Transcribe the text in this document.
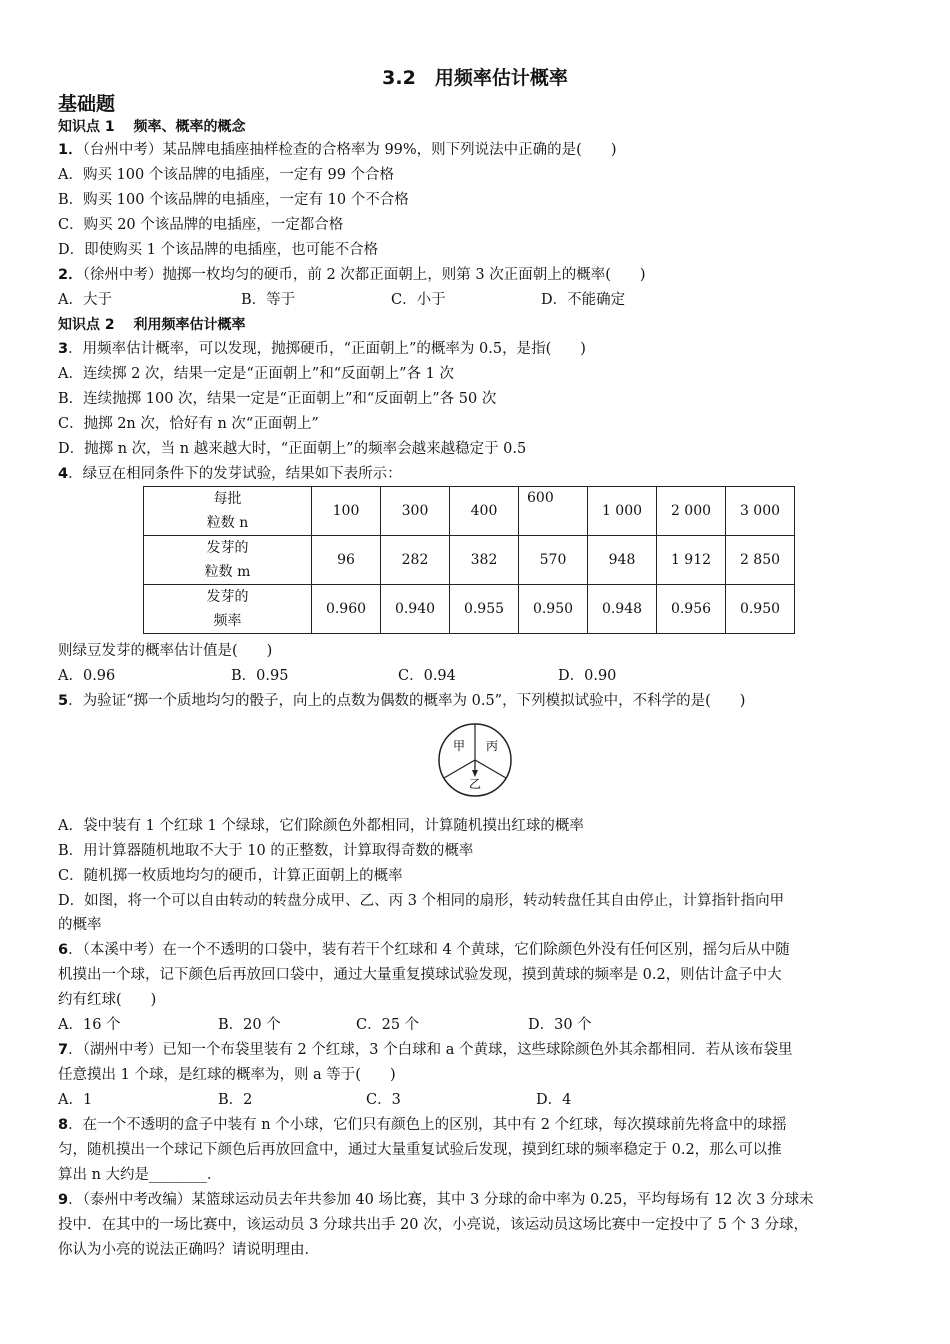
3.2　用频率估计概率
基础题
知识点 1　 频率、概率的概念
1．（台州中考）某品牌电插座抽样检查的合格率为 99%，则下列说法中正确的是(　　)
A．购买 100 个该品牌的电插座，一定有 99 个合格
B．购买 100 个该品牌的电插座，一定有 10 个不合格
C．购买 20 个该品牌的电插座，一定都合格
D．即使购买 1 个该品牌的电插座，也可能不合格
2．（徐州中考）抛掷一枚均匀的硬币，前 2 次都正面朝上，则第 3 次正面朝上的概率(　　)
A．大于	B．等于	C．小于	D．不能确定
知识点 2　 利用频率估计概率
3．用频率估计概率，可以发现，抛掷硬币，“正面朝上”的概率为 0.5，是指(　　)
A．连续掷 2 次，结果一定是“正面朝上”和“反面朝上”各 1 次
B．连续抛掷 100 次，结果一定是“正面朝上”和“反面朝上”各 50 次
C．抛掷 2n 次，恰好有 n 次“正面朝上”
D．抛掷 n 次，当 n 越来越大时，“正面朝上”的频率会越来越稳定于 0.5
4．绿豆在相同条件下的发芽试验，结果如下表所示：
每批
粒数 n	100	300	400	600	1 000	2 000	3 000

发芽的
粒数 m	96	282	382	570	948	1 912	2 850

发芽的
频率	0.960	0.940	0.955	0.950	0.948	0.956	0.950
则绿豆发芽的概率估计值是(　　)
A．0.96	B．0.95	C．0.94	D．0.90
5．为验证“掷一个质地均匀的骰子，向上的点数为偶数的概率为 0.5”，下列模拟试验中，不科学的是(　　)
甲 丙
乙
A．袋中装有 1 个红球 1 个绿球，它们除颜色外都相同，计算随机摸出红球的概率
B．用计算器随机地取不大于 10 的正整数，计算取得奇数的概率
C．随机掷一枚质地均匀的硬币，计算正面朝上的概率
D．如图，将一个可以自由转动的转盘分成甲、乙、丙 3 个相同的扇形，转动转盘任其自由停止，计算指针指向甲
的概率
6．（本溪中考）在一个不透明的口袋中，装有若干个红球和 4 个黄球，它们除颜色外没有任何区别，摇匀后从中随
机摸出一个球，记下颜色后再放回口袋中，通过大量重复摸球试验发现，摸到黄球的频率是 0.2，则估计盒子中大
约有红球(　　)
A．16 个	B．20 个	C．25 个	D．30 个
7．（湖州中考）已知一个布袋里装有 2 个红球，3 个白球和 a 个黄球，这些球除颜色外其余都相同．若从该布袋里
任意摸出 1 个球，是红球的概率为，则 a 等于(　　)
A．1	B．2	C．3	D．4
8．在一个不透明的盒子中装有 n 个小球，它们只有颜色上的区别，其中有 2 个红球，每次摸球前先将盒中的球摇
匀，随机摸出一个球记下颜色后再放回盒中，通过大量重复试验后发现，摸到红球的频率稳定于 0.2，那么可以推
算出 n 大约是________．
9．（泰州中考改编）某篮球运动员去年共参加 40 场比赛，其中 3 分球的命中率为 0.25，平均每场有 12 次 3 分球未
投中．在其中的一场比赛中，该运动员 3 分球共出手 20 次，小亮说，该运动员这场比赛中一定投中了 5 个 3 分球，
你认为小亮的说法正确吗？请说明理由．
